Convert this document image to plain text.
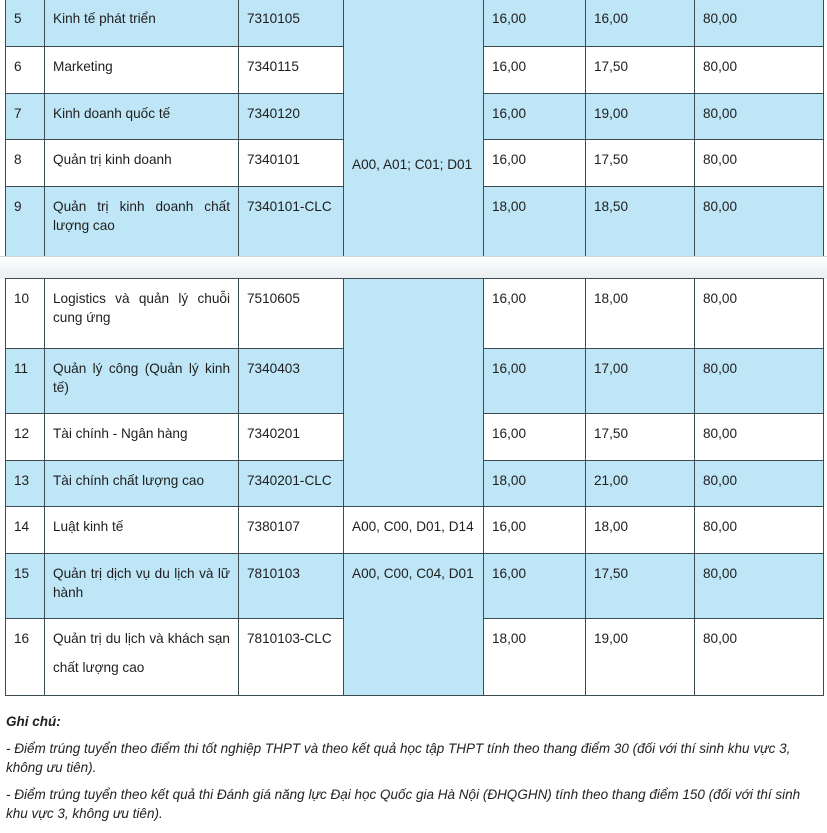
5	Kinh tế phát triển	7310105	A00, A01; C01; D01	16,00	16,00	80,00
6	Marketing	7340115		16,00	17,50	80,00
7	Kinh doanh quốc tế	7340120		16,00	19,00	80,00
8	Quản trị kinh doanh	7340101		16,00	17,50	80,00
9	Quản trị kinh doanh chất lượng cao	7340101-CLC		18,00	18,50	80,00
10	Logistics và quản lý chuỗi cung ứng	7510605		16,00	18,00	80,00
11	Quản lý công (Quản lý kinh tế)	7340403		16,00	17,00	80,00
12	Tài chính - Ngân hàng	7340201		16,00	17,50	80,00
13	Tài chính chất lượng cao	7340201-CLC		18,00	21,00	80,00
14	Luật kinh tế	7380107	A00, C00, D01, D14	16,00	18,00	80,00
15	Quản trị dịch vụ du lịch và lữ hành	7810103	A00, C00, C04, D01	16,00	17,50	80,00
16	Quản trị du lịch và khách sạn chất lượng cao	7810103-CLC		18,00	19,00	80,00
Ghi chú:

- Điểm trúng tuyển theo điểm thi tốt nghiệp THPT và theo kết quả học tập THPT tính theo thang điểm 30 (đối với thí sinh khu vực 3, không ưu tiên).

- Điểm trúng tuyển theo kết quả thi Đánh giá năng lực Đại học Quốc gia Hà Nội (ĐHQGHN) tính theo thang điểm 150 (đối với thí sinh khu vực 3, không ưu tiên).
